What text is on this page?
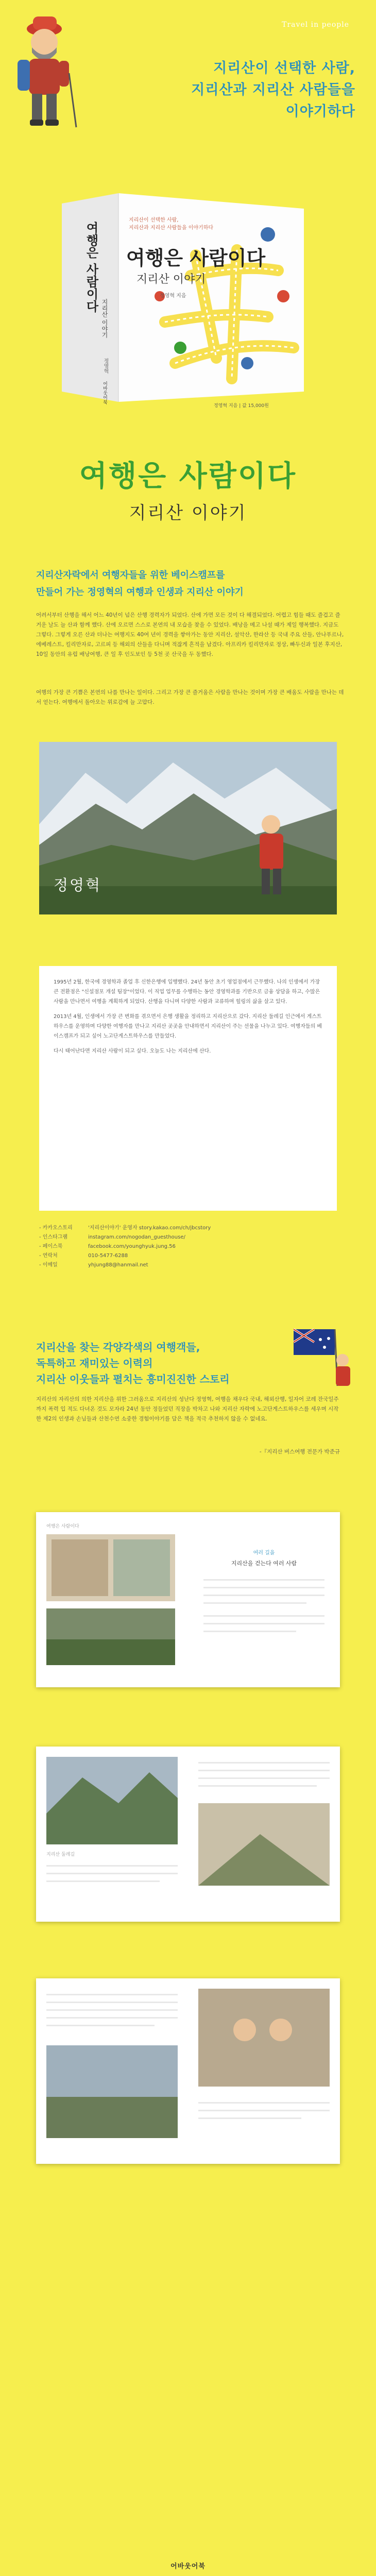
Travel in people
지리산이 선택한 사람,
지리산과 지리산 사람들을
이야기하다
지리산이 선택한 사람,
지리산과 지리산 사람들을 이야기하다
여행은 사람이다
지리산 이야기
정영혁 지음
여행은 사람이다
지리산 이야기
정영혁
어바웃어북
정영혁 지음 | 값 15,000원
여행은 사람이다
지리산 이야기
지리산자락에서 여행자들을 위한 베이스캠프를
만들어 가는 정영혁의 여행과 인생과 지리산 이야기
어려서부터 산행을 해서 어느 40년이 넘은 산행 경력자가 되었다. 산에 가면 모든 것이 다 해결되었다. 어렵고 힘들 때도 즐겁고 즐거운 날도 늘 산과 함께 했다. 산에 오르면 스스로 본연의 내 모습을 찾을 수 있었다. 배낭을 메고 나설 때가 제일 행복했다. 지금도 그렇다. 그렇게 오른 산과 더나는 여행지도 40여 년이 경력을 쌓아가는 동안 지리산, 설악산, 한라산 등 국내 주요 산들, 안나푸르나, 에베레스트, 킬리만자로, 고르피 등 해외의 산들을 다니며 적잖게 흔적을 남겼다. 아프리카 킬리만자로 정상, 빠두신과 일본 후지산, 10일 동안의 유럽 배낭여행, 큰 일 후 인도보인 등 5천 곳 산국을 두 동했다.
여행의 가장 큰 기쁨은 본연의 나를 만나는 일이다. 그리고 가장 큰 즐거움은 사람을 만나는 것이며 가장 큰 배움도 사람을 만나는 데서 얻는다. 여행에서 돌아오는 위로감에 늘 고맙다.
정영혁

1995년 2월, 한국에 경영학과 졸업 후 신한은행에 입행했다. 24년 동안 초기 영업점에서 근무했다. 나의 인생에서 가장 큰 전환점은 "신설점포 개설 팀장"이었다. 이 직업 업무를 수행하는 동안 경영학과를 기반으로 금융 상담을 하고, 수많은 사람을 만나면서 여행을 계획하게 되었다. 산행을 다니며 다양한 사람과 교류하며 힐링의 삶을 살고 있다.

2013년 4월, 인생에서 가장 큰 변화를 겪으면서 은행 생활을 정리하고 지리산으로 갔다. 지리산 둘레길 인근에서 게스트하우스를 운영하며 다양한 여행자를 만나고 지리산 곳곳을 안내하면서 지리산이 주는 선물을 나누고 있다. 여행자들의 베이스캠프가 되고 싶어 노고단게스트하우스를 만들었다.

다시 태어난다면 지리산 사람이 되고 싶다. 오늘도 나는 지리산에 산다.

- 카카오스토리	'지리산이야기' 운영자 story.kakao.com/ch/jbcstory
- 인스타그램	instagram.com/nogodan_guesthouse/
- 페이스북	facebook.com/younghyuk.jung.56
- 연락처	010-5477-6288
- 이메일	yhjung88@hanmail.net
지리산을 찾는 각양각색의 여행객들,
독특하고 재미있는 이력의
지리산 이웃들과 펼치는 흥미진진한 스토리
지리산의 자리산의 의한 지리산을 위한 그러움으로 지리산의 성난다 정영혁, 여행을 채우다 국내, 해외산행, 일자어 코레 잔국일주까지 폭력 입 적도 다녀온 것도 모자라 24년 동안 정들었던 직장을 박차고 나와 지리산 자락에 노고단게스트하우스를 세우며 시작한 제2의 인생과 손님들과 산천수연 소중한 경험이야기를 담은 책을 적극 추천하지 않을 수 없네요.
-『지리산 버스여행 전문가 박준규
여행은 사람이다

여러 길을
지리산을 걷는다 여러 사람
지리산 둘레길
어바웃어북
